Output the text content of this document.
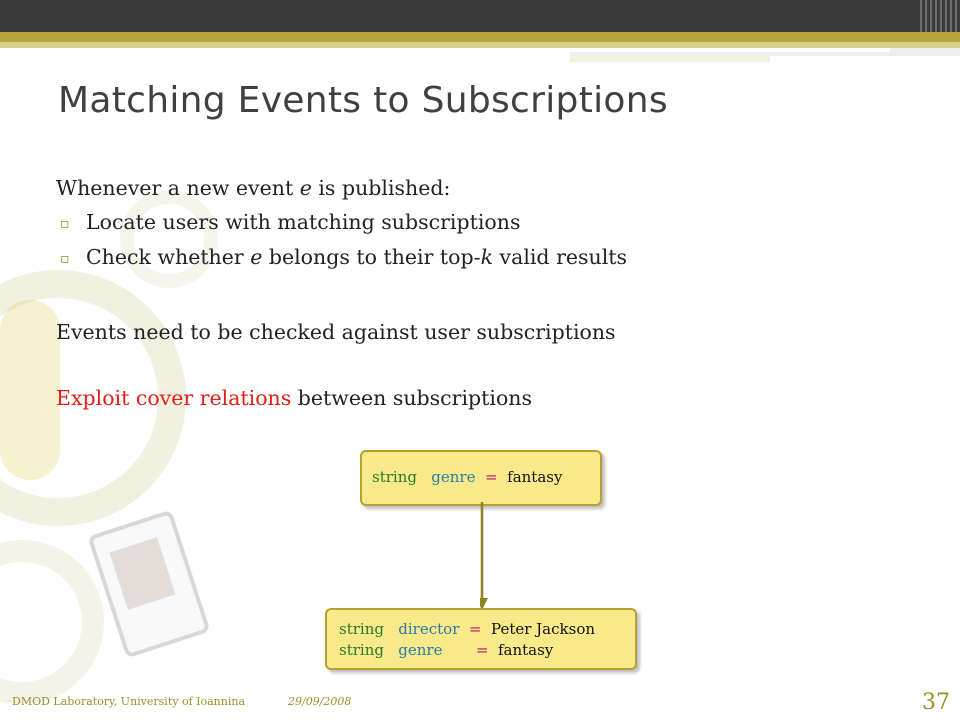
Matching Events to Subscriptions
Whenever a new event e is published:
▫ Locate users with matching subscriptions
▫ Check whether e belongs to their top-k valid results
Events need to be checked against user subscriptions
Exploit cover relations between subscriptions
string genre = fantasy
string director = Peter Jackson
string genre = fantasy
DMOD Laboratory, University of Ioannina	29/09/2008	37
